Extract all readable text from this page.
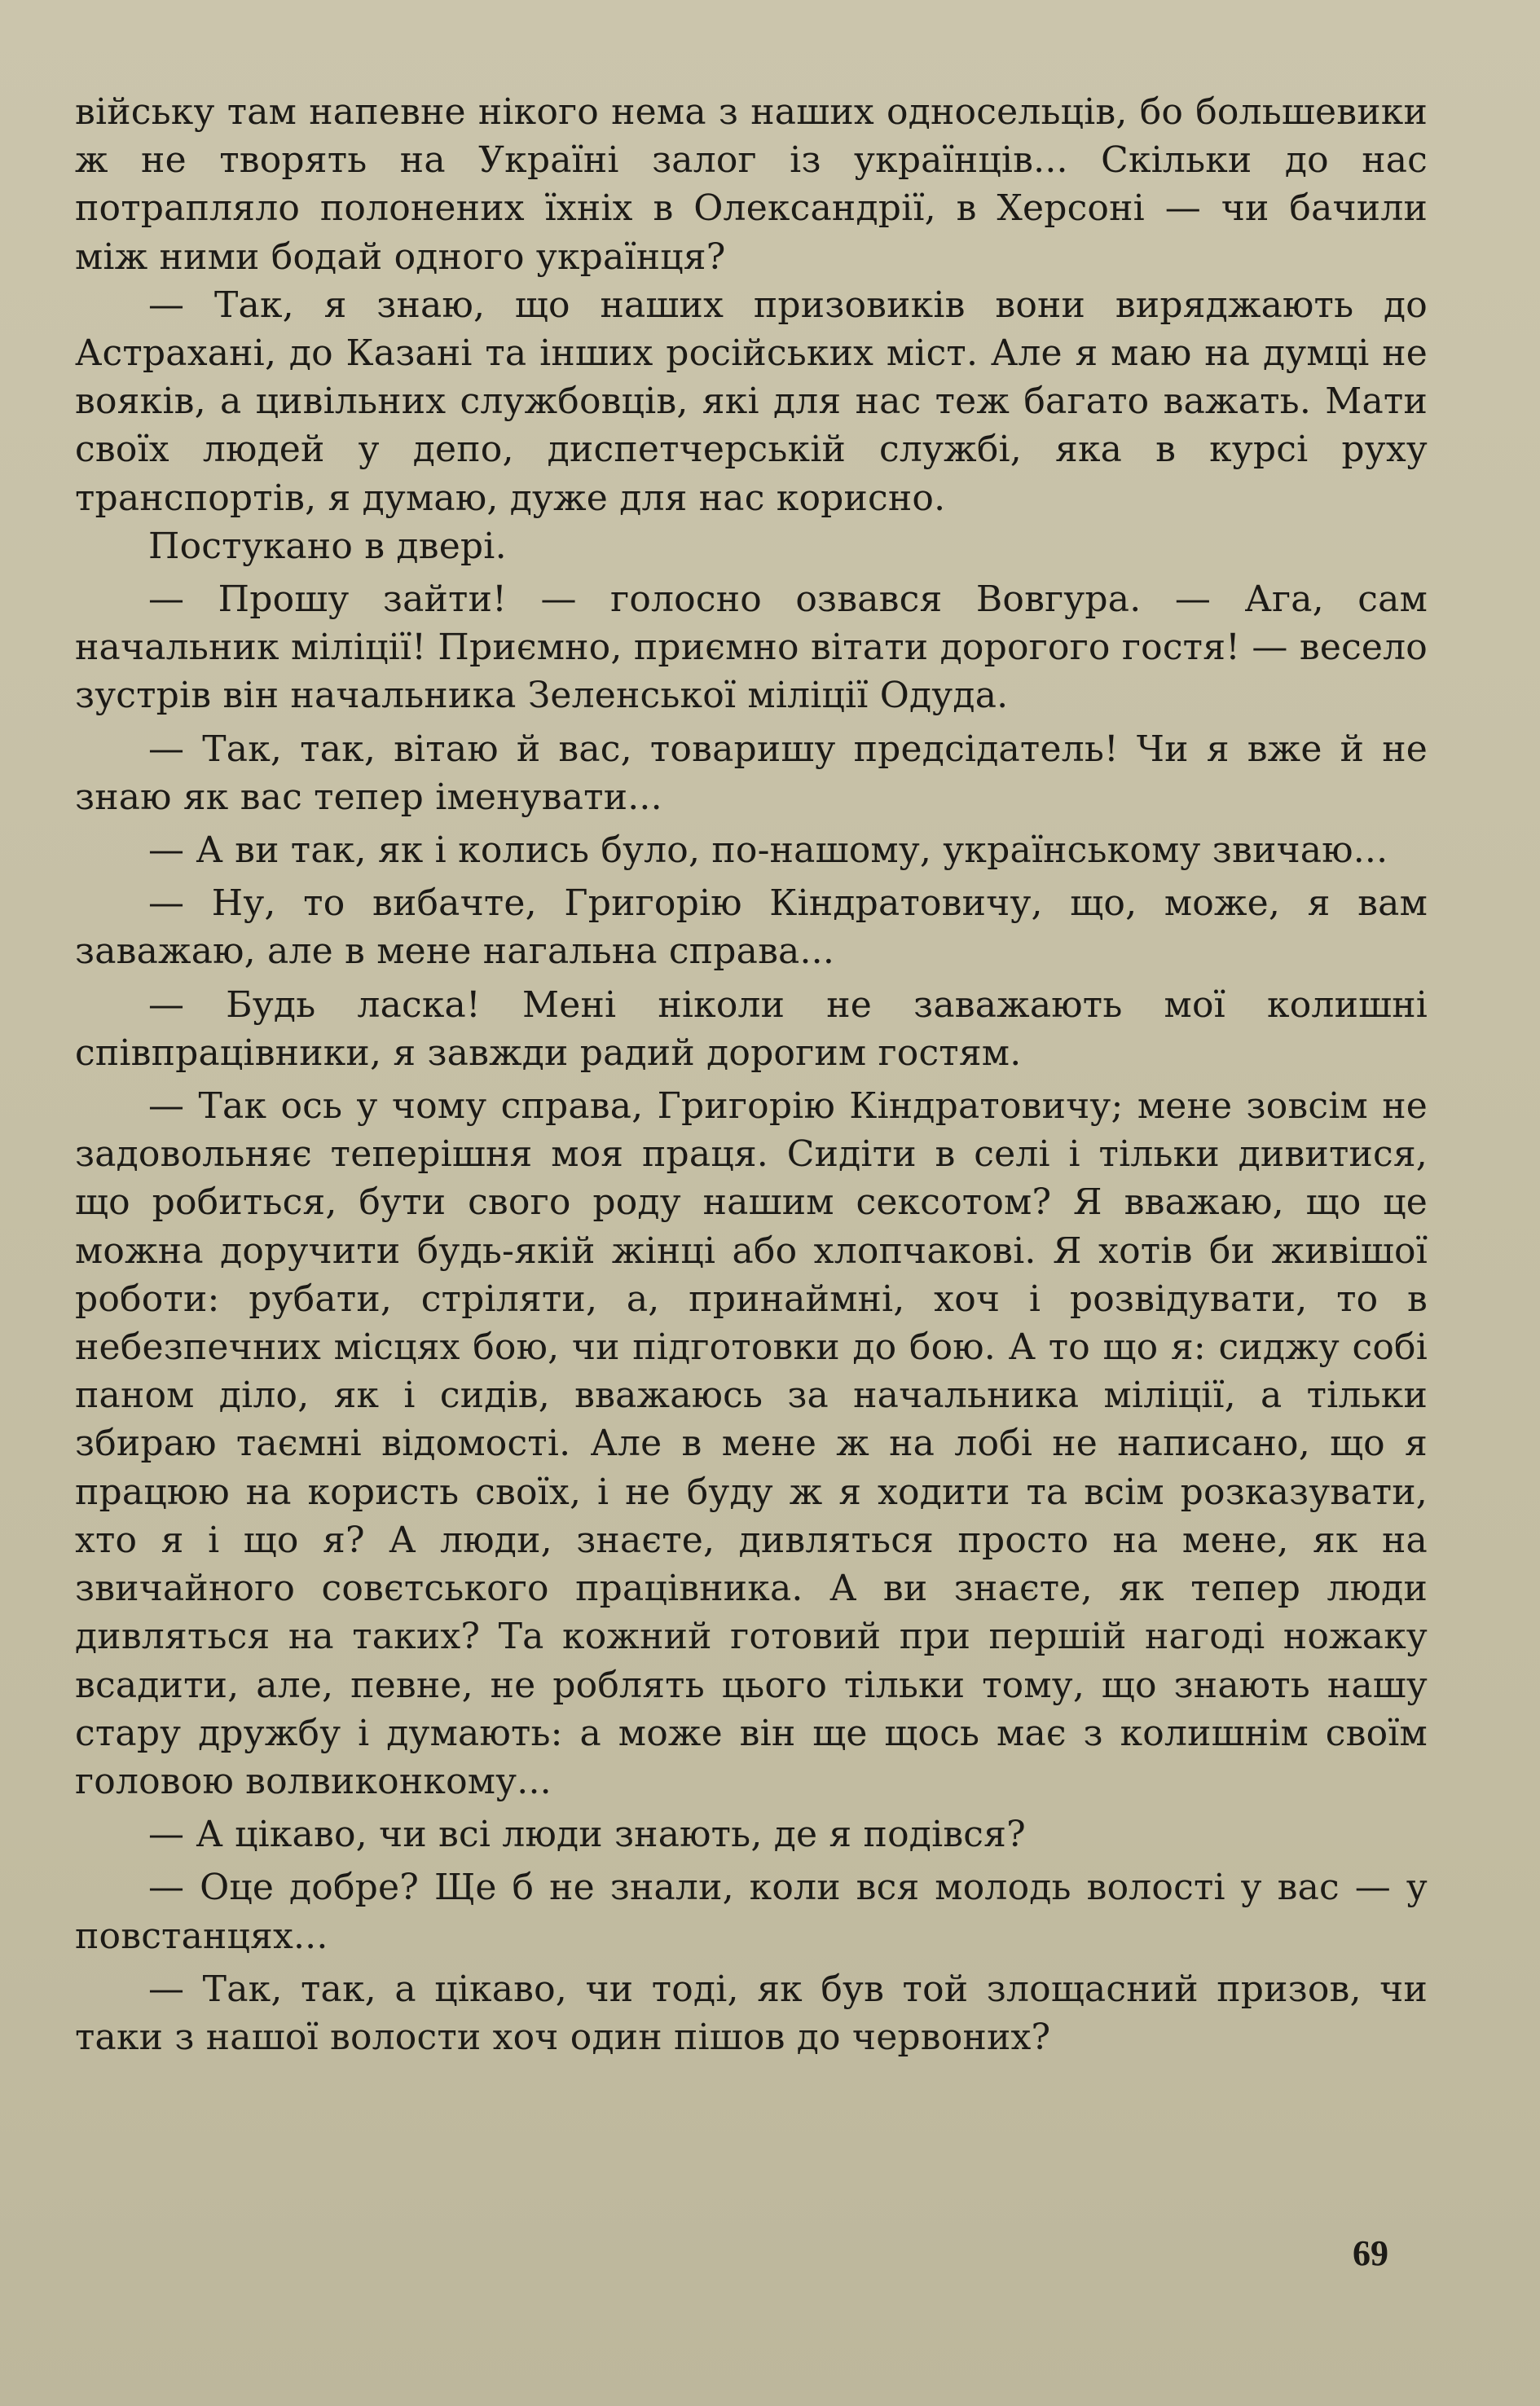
війську там напевне нікого нема з наших односельців, бо большевики ж не творять на Україні залог із українців... Скільки до нас потрапляло полонених їхніх в Олександрії, в Херсоні — чи бачили між ними бодай одного українця?

— Так, я знаю, що наших призовиків вони виряджають до Астрахані, до Казані та інших російських міст. Але я маю на думці не вояків, а цивільних службовців, які для нас теж багато важать. Мати своїх людей у депо, диспетчерській службі, яка в курсі руху транспортів, я думаю, дуже для нас корисно.

Постукано в двері.

— Прошу зайти! — голосно озвався Вовгура. — Ага, сам начальник міліції! Приємно, приємно вітати дорогого гостя! — весело зустрів він начальника Зеленської міліції Одуда.

— Так, так, вітаю й вас, товаришу предсідатель! Чи я вже й не знаю як вас тепер іменувати...

— А ви так, як і колись було, по-нашому, українському звичаю...

— Ну, то вибачте, Григорію Кіндратовичу, що, може, я вам заважаю, але в мене нагальна справа...

— Будь ласка! Мені ніколи не заважають мої колишні співпрацівники, я завжди радий дорогим гостям.

— Так ось у чому справа, Григорію Кіндратовичу; мене зовсім не задовольняє теперішня моя праця. Сидіти в селі і тільки дивитися, що робиться, бути свого роду нашим сексотом? Я вважаю, що це можна доручити будь-якій жінці або хлопчакові. Я хотів би живішої роботи: рубати, стріляти, а, принаймні, хоч і розвідувати, то в небезпечних місцях бою, чи підготовки до бою. А то що я: сиджу собі паном діло, як і сидів, вважаюсь за начальника міліції, а тільки збираю таємні відомості. Але в мене ж на лобі не написано, що я працюю на користь своїх, і не буду ж я ходити та всім розказувати, хто я і що я? А люди, знаєте, дивляться просто на мене, як на звичайного совєтського працівника. А ви знаєте, як тепер люди дивляться на таких? Та кожний готовий при першій нагоді ножаку всадити, але, певне, не роблять цього тільки тому, що знають нашу стару дружбу і думають: а може він ще щось має з колишнім своїм головою волвиконкому...

— А цікаво, чи всі люди знають, де я подівся?

— Оце добре? Ще б не знали, коли вся молодь волості у вас — у повстанцях...

— Так, так, а цікаво, чи тоді, як був той злощасний призов, чи таки з нашої волости хоч один пішов до червоних?

69
